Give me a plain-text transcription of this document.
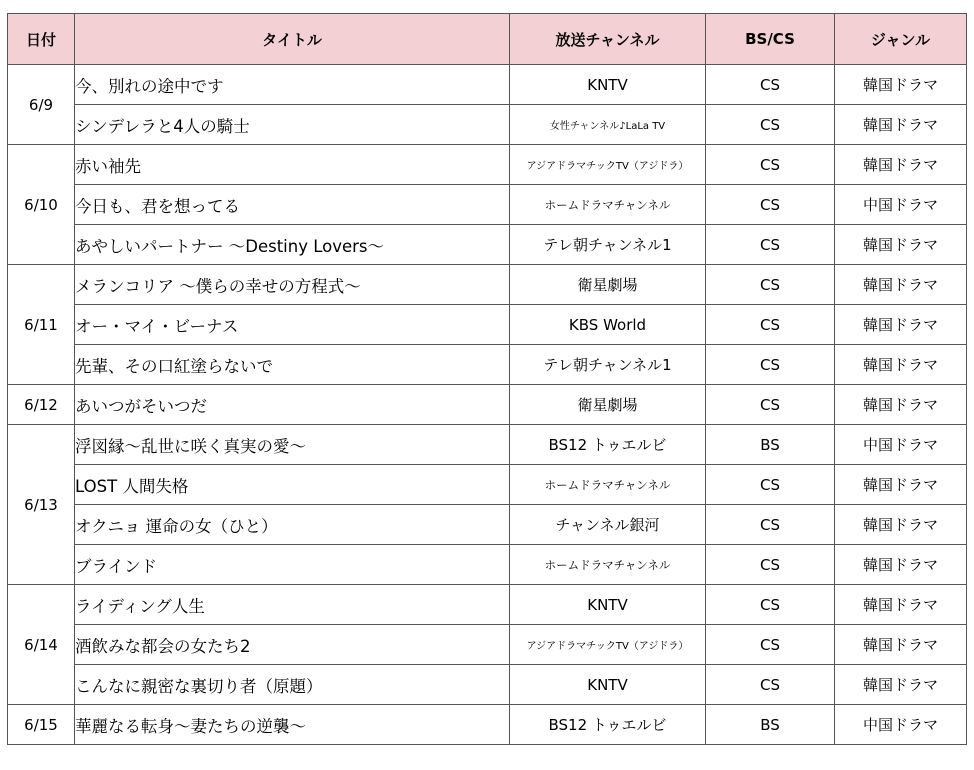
日付	タイトル	放送チャンネル	BS/CS	ジャンル
6/9	今、別れの途中です	KNTV	CS	韓国ドラマ
	シンデレラと4人の騎士	女性チャンネル♪LaLa TV	CS	韓国ドラマ
6/10	赤い袖先	アジアドラマチックTV（アジドラ）	CS	韓国ドラマ
	今日も、君を想ってる	ホームドラマチャンネル	CS	中国ドラマ
	あやしいパートナー ～Destiny Lovers～	テレ朝チャンネル1	CS	韓国ドラマ
6/11	メランコリア ～僕らの幸せの方程式～	衛星劇場	CS	韓国ドラマ
	オー・マイ・ビーナス	KBS World	CS	韓国ドラマ
	先輩、その口紅塗らないで	テレ朝チャンネル1	CS	韓国ドラマ
6/12	あいつがそいつだ	衛星劇場	CS	韓国ドラマ
6/13	浮図縁～乱世に咲く真実の愛～	BS12 トゥエルビ	BS	中国ドラマ
	LOST 人間失格	ホームドラマチャンネル	CS	韓国ドラマ
	オクニョ 運命の女（ひと）	チャンネル銀河	CS	韓国ドラマ
	ブラインド	ホームドラマチャンネル	CS	韓国ドラマ
6/14	ライディング人生	KNTV	CS	韓国ドラマ
	酒飲みな都会の女たち2	アジアドラマチックTV（アジドラ）	CS	韓国ドラマ
	こんなに親密な裏切り者（原題）	KNTV	CS	韓国ドラマ
6/15	華麗なる転身～妻たちの逆襲～	BS12 トゥエルビ	BS	中国ドラマ
